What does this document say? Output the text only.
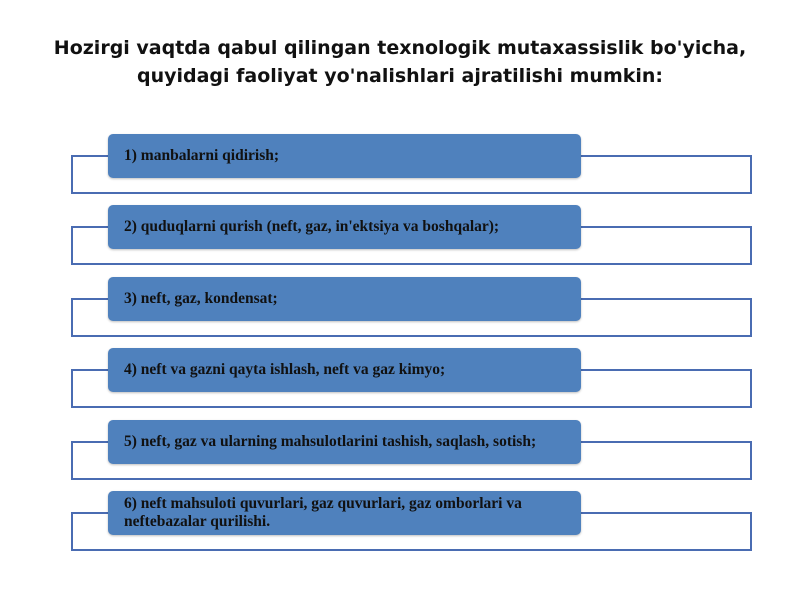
Hozirgi vaqtda qabul qilingan texnologik mutaxassislik bo'yicha,
quyidagi faoliyat yo'nalishlari ajratilishi mumkin:
1) manbalarni qidirish;
2) quduqlarni qurish (neft, gaz, in'ektsiya va boshqalar);
3) neft, gaz, kondensat;
4) neft va gazni qayta ishlash, neft va gaz kimyo;
5) neft, gaz va ularning mahsulotlarini tashish, saqlash, sotish;
6) neft mahsuloti quvurlari, gaz quvurlari, gaz omborlari va neftebazalar qurilishi.
